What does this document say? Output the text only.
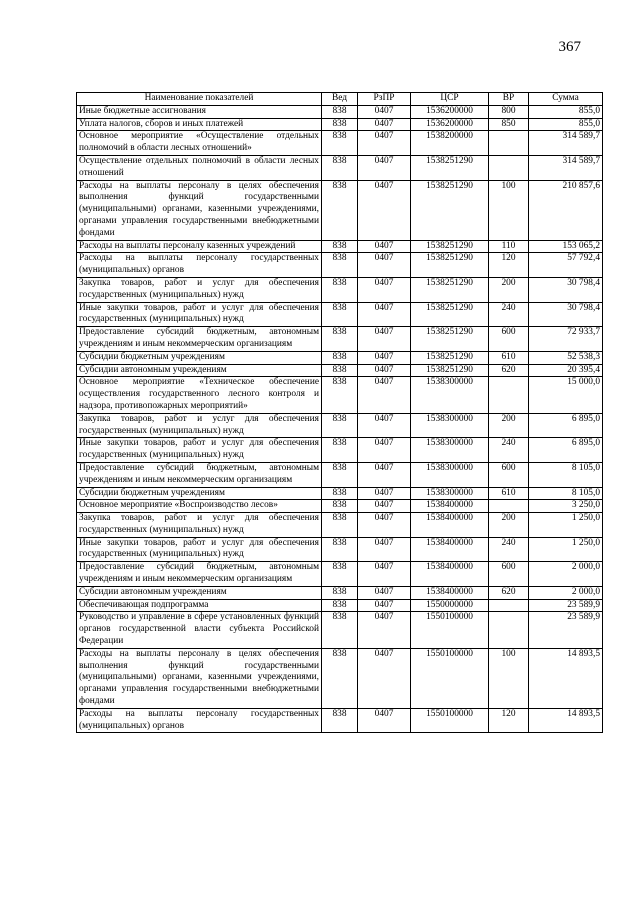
367
Наименование показателей	Вед	РзПР	ЦСР	ВР	Сумма
Иные бюджетные ассигнования	838	0407	1536200000	800	855,0
Уплата налогов, сборов и иных платежей	838	0407	1536200000	850	855,0
Основное мероприятие «Осуществление отдельных полномочий в области лесных отношений»	838	0407	1538200000		314 589,7
Осуществление отдельных полномочий в области лесных отношений	838	0407	1538251290		314 589,7
Расходы на выплаты персоналу в целях обеспечения выполнения функций государственными (муниципальными) органами, казенными учреждениями, органами управления государственными внебюджетными фондами	838	0407	1538251290	100	210 857,6
Расходы на выплаты персоналу казенных учреждений	838	0407	1538251290	110	153 065,2
Расходы на выплаты персоналу государственных (муниципальных) органов	838	0407	1538251290	120	57 792,4
Закупка товаров, работ и услуг для обеспечения государственных (муниципальных) нужд	838	0407	1538251290	200	30 798,4
Иные закупки товаров, работ и услуг для обеспечения государственных (муниципальных) нужд	838	0407	1538251290	240	30 798,4
Предоставление субсидий бюджетным, автономным учреждениям и иным некоммерческим организациям	838	0407	1538251290	600	72 933,7
Субсидии бюджетным учреждениям	838	0407	1538251290	610	52 538,3
Субсидии автономным учреждениям	838	0407	1538251290	620	20 395,4
Основное мероприятие «Техническое обеспечение осуществления государственного лесного контроля и надзора, противопожарных мероприятий»	838	0407	1538300000		15 000,0
Закупка товаров, работ и услуг для обеспечения государственных (муниципальных) нужд	838	0407	1538300000	200	6 895,0
Иные закупки товаров, работ и услуг для обеспечения государственных (муниципальных) нужд	838	0407	1538300000	240	6 895,0
Предоставление субсидий бюджетным, автономным учреждениям и иным некоммерческим организациям	838	0407	1538300000	600	8 105,0
Субсидии бюджетным учреждениям	838	0407	1538300000	610	8 105,0
Основное мероприятие «Воспроизводство лесов»	838	0407	1538400000		3 250,0
Закупка товаров, работ и услуг для обеспечения государственных (муниципальных) нужд	838	0407	1538400000	200	1 250,0
Иные закупки товаров, работ и услуг для обеспечения государственных (муниципальных) нужд	838	0407	1538400000	240	1 250,0
Предоставление субсидий бюджетным, автономным учреждениям и иным некоммерческим организациям	838	0407	1538400000	600	2 000,0
Субсидии автономным учреждениям	838	0407	1538400000	620	2 000,0
Обеспечивающая подпрограмма	838	0407	1550000000		23 589,9
Руководство и управление в сфере установленных функций органов государственной власти субъекта Российской Федерации	838	0407	1550100000		23 589,9
Расходы на выплаты персоналу в целях обеспечения выполнения функций государственными (муниципальными) органами, казенными учреждениями, органами управления государственными внебюджетными фондами	838	0407	1550100000	100	14 893,5
Расходы на выплаты персоналу государственных (муниципальных) органов	838	0407	1550100000	120	14 893,5
